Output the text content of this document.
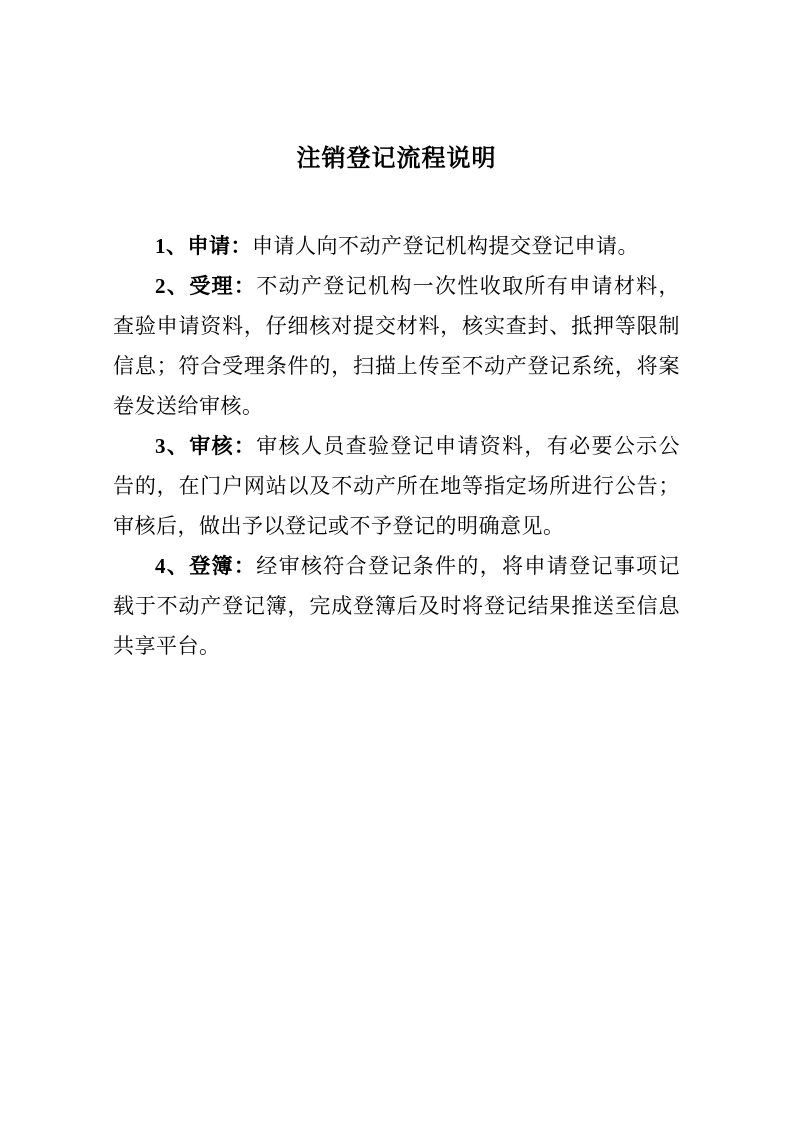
注销登记流程说明

1、申请：申请人向不动产登记机构提交登记申请。

2、受理：不动产登记机构一次性收取所有申请材料，查验申请资料，仔细核对提交材料，核实查封、抵押等限制信息；符合受理条件的，扫描上传至不动产登记系统，将案卷发送给审核。

3、审核：审核人员查验登记申请资料，有必要公示公告的，在门户网站以及不动产所在地等指定场所进行公告；审核后，做出予以登记或不予登记的明确意见。

4、登簿：经审核符合登记条件的，将申请登记事项记载于不动产登记簿，完成登簿后及时将登记结果推送至信息共享平台。
